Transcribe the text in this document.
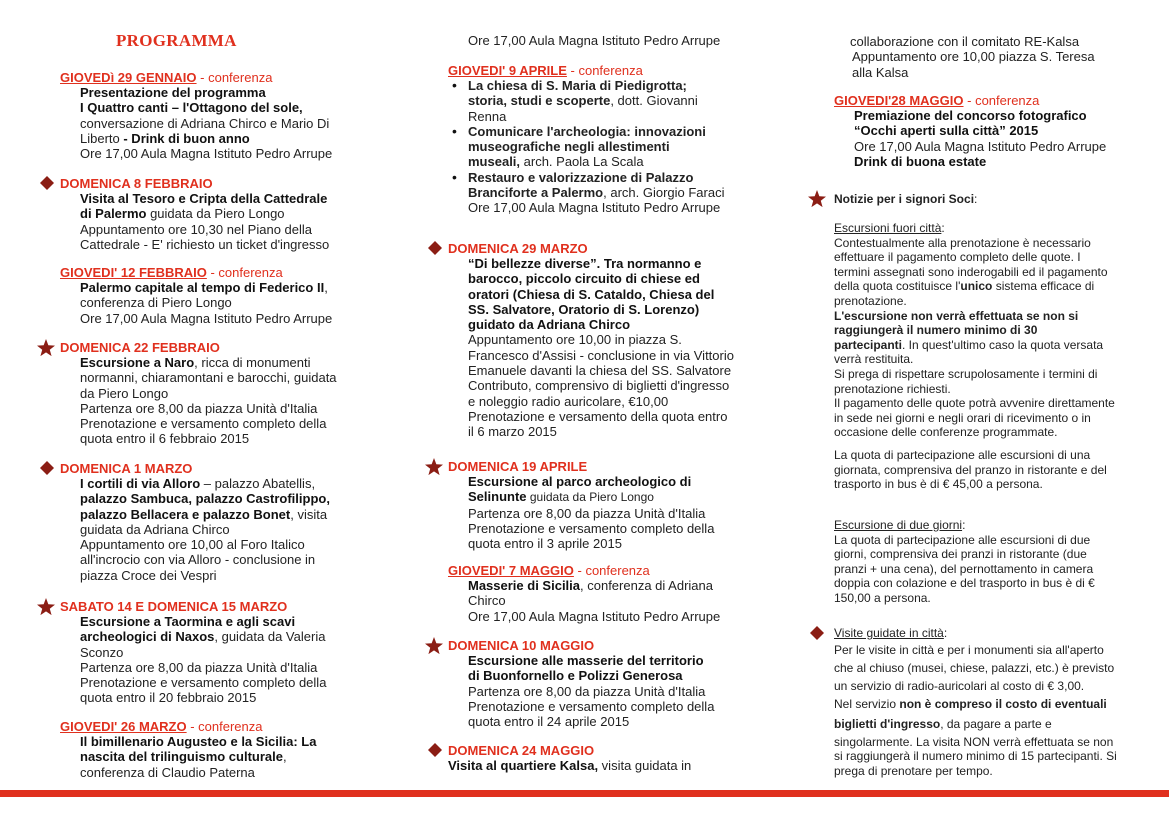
PROGRAMMA
GIOVEDì 29 GENNAIO - conferenza
Presentazione del programma
I Quattro canti – l'Ottagono del sole,
conversazione di Adriana Chirco e Mario Di
Liberto - Drink di buon anno
Ore 17,00 Aula Magna Istituto Pedro Arrupe
DOMENICA 8 FEBBRAIO
Visita al Tesoro e Cripta della Cattedrale
di Palermo guidata da Piero Longo
Appuntamento ore 10,30 nel Piano della
Cattedrale - E' richiesto un ticket d'ingresso
GIOVEDI' 12 FEBBRAIO - conferenza
Palermo capitale al tempo di Federico II,
conferenza di Piero Longo
Ore 17,00 Aula Magna Istituto Pedro Arrupe
DOMENICA 22 FEBBRAIO
Escursione a Naro, ricca di monumenti
normanni, chiaramontani e barocchi, guidata
da Piero Longo
Partenza ore 8,00 da piazza Unità d'Italia
Prenotazione e versamento completo della
quota entro il 6 febbraio 2015
DOMENICA 1 MARZO
I cortili di via Alloro – palazzo Abatellis,
palazzo Sambuca, palazzo Castrofilippo,
palazzo Bellacera e palazzo Bonet, visita
guidata da Adriana Chirco
Appuntamento ore 10,00 al Foro Italico
all'incrocio con via Alloro - conclusione in
piazza Croce dei Vespri
SABATO 14 E DOMENICA 15 MARZO
Escursione a Taormina e agli scavi
archeologici di Naxos, guidata da Valeria
Sconzo
Partenza ore 8,00 da piazza Unità d'Italia
Prenotazione e versamento completo della
quota entro il 20 febbraio 2015
GIOVEDI' 26 MARZO - conferenza
Il bimillenario Augusteo e la Sicilia: La
nascita del trilinguismo culturale,
conferenza di Claudio Paterna
Ore 17,00 Aula Magna Istituto Pedro Arrupe
GIOVEDI' 9 APRILE - conferenza
• La chiesa di S. Maria di Piedigrotta;
storia, studi e scoperte, dott. Giovanni
Renna
• Comunicare l'archeologia: innovazioni
museografiche negli allestimenti
museali, arch. Paola La Scala
• Restauro e valorizzazione di Palazzo
Branciforte a Palermo, arch. Giorgio Faraci
Ore 17,00 Aula Magna Istituto Pedro Arrupe
DOMENICA 29 MARZO
“Di bellezze diverse”. Tra normanno e
barocco, piccolo circuito di chiese ed
oratori (Chiesa di S. Cataldo, Chiesa del
SS. Salvatore, Oratorio di S. Lorenzo)
guidato da Adriana Chirco
Appuntamento ore 10,00 in piazza S.
Francesco d'Assisi - conclusione in via Vittorio
Emanuele davanti la chiesa del SS. Salvatore
Contributo, comprensivo di biglietti d'ingresso
e noleggio radio auricolare, €10,00
Prenotazione e versamento della quota entro
il 6 marzo 2015
DOMENICA 19 APRILE
Escursione al parco archeologico di
Selinunte guidata da Piero Longo
Partenza ore 8,00 da piazza Unità d'Italia
Prenotazione e versamento completo della
quota entro il 3 aprile 2015
GIOVEDI' 7 MAGGIO - conferenza
Masserie di Sicilia, conferenza di Adriana
Chirco
Ore 17,00 Aula Magna Istituto Pedro Arrupe
DOMENICA 10 MAGGIO
Escursione alle masserie del territorio
di Buonfornello e Polizzi Generosa
Partenza ore 8,00 da piazza Unità d'Italia
Prenotazione e versamento completo della
quota entro il 24 aprile 2015
DOMENICA 24 MAGGIO
Visita al quartiere Kalsa, visita guidata in
collaborazione con il comitato RE-Kalsa
Appuntamento ore 10,00 piazza S. Teresa
alla Kalsa
GIOVEDI'28 MAGGIO - conferenza
Premiazione del concorso fotografico
“Occhi aperti sulla città” 2015
Ore 17,00 Aula Magna Istituto Pedro Arrupe
Drink di buona estate
Notizie per i signori Soci:
Escursioni fuori città:
Contestualmente alla prenotazione è necessario
effettuare il pagamento completo delle quote. I
termini assegnati sono inderogabili ed il pagamento
della quota costituisce l'unico sistema efficace di
prenotazione.
L'escursione non verrà effettuata se non si
raggiungerà il numero minimo di 30
partecipanti. In quest'ultimo caso la quota versata
verrà restituita.
Si prega di rispettare scrupolosamente i termini di
prenotazione richiesti.
Il pagamento delle quote potrà avvenire direttamente
in sede nei giorni e negli orari di ricevimento o in
occasione delle conferenze programmate.
La quota di partecipazione alle escursioni di una
giornata, comprensiva del pranzo in ristorante e del
trasporto in bus è di € 45,00 a persona.
Escursione di due giorni:
La quota di partecipazione alle escursioni di due
giorni, comprensiva dei pranzi in ristorante (due
pranzi + una cena), del pernottamento in camera
doppia con colazione e del trasporto in bus è di €
150,00 a persona.
Visite guidate in città:
Per le visite in città e per i monumenti sia all'aperto
che al chiuso (musei, chiese, palazzi, etc.) è previsto
un servizio di radio-auricolari al costo di € 3,00.
Nel servizio non è compreso il costo di eventuali
biglietti d'ingresso, da pagare a parte e
singolarmente. La visita NON verrà effettuata se non
si raggiungerà il numero minimo di 15 partecipanti. Si
prega di prenotare per tempo.
